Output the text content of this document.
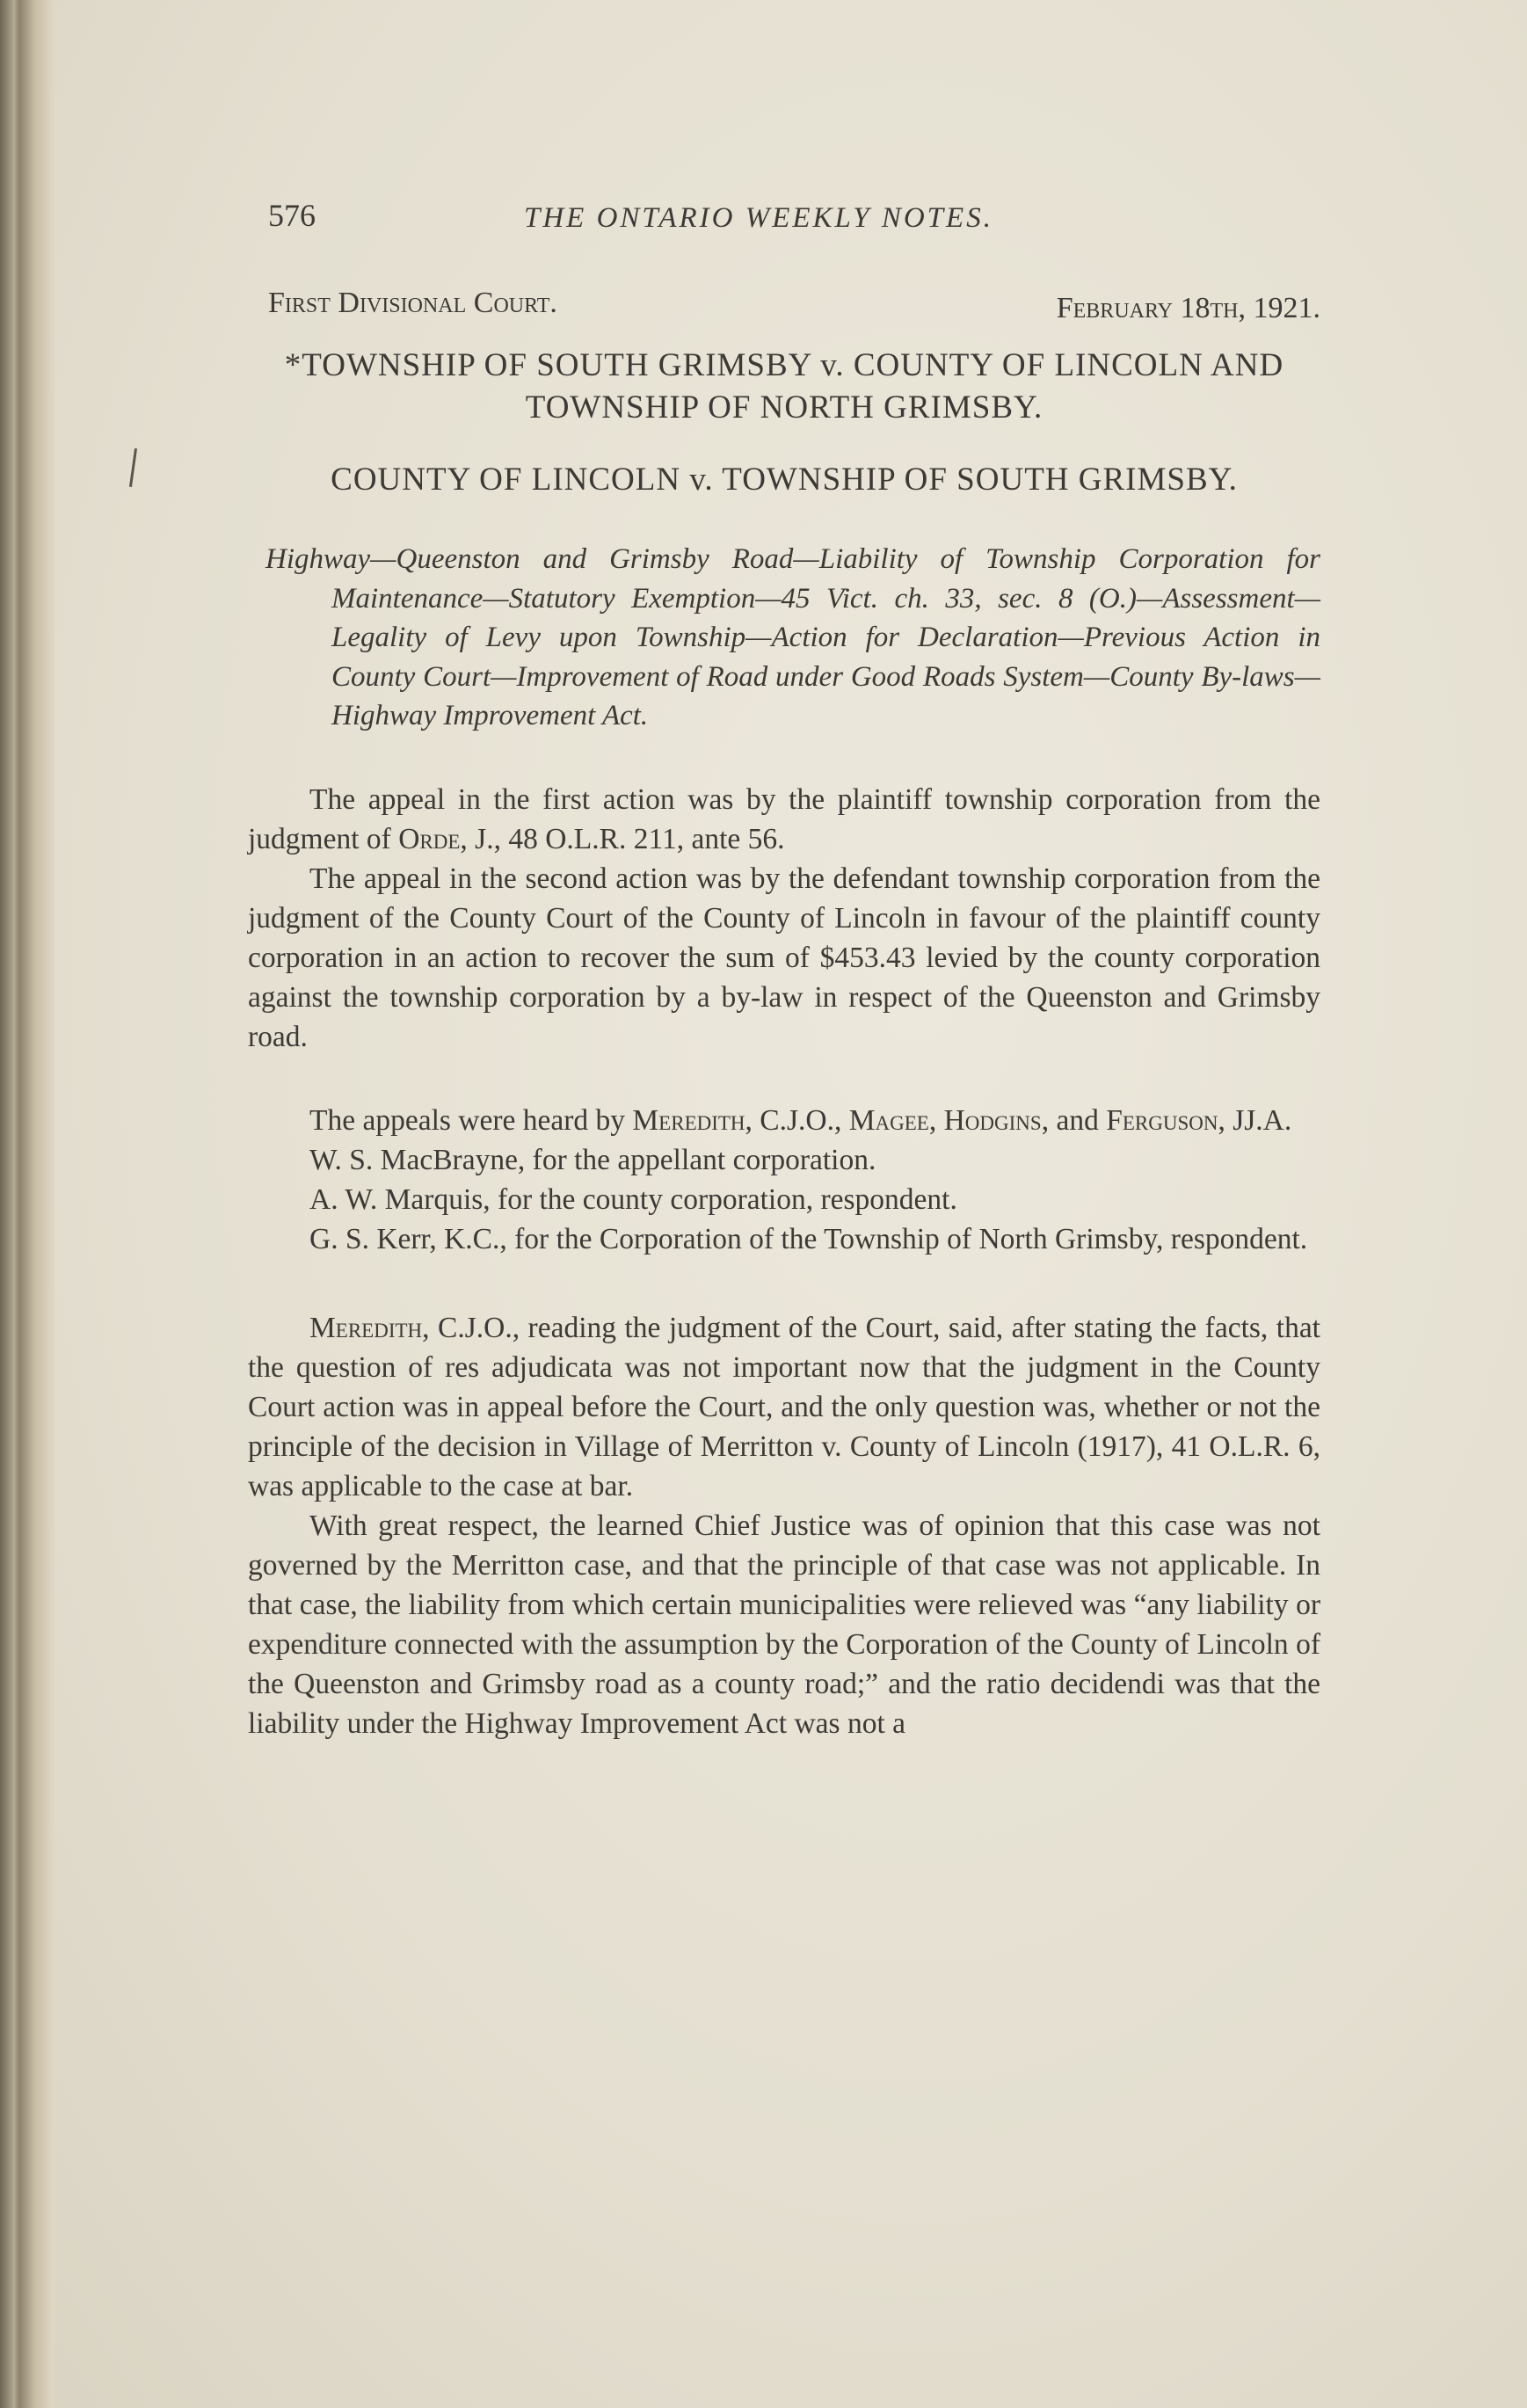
576	THE ONTARIO WEEKLY NOTES.
First Divisional Court.	February 18th, 1921.
*TOWNSHIP OF SOUTH GRIMSBY v. COUNTY OF LINCOLN AND TOWNSHIP OF NORTH GRIMSBY.
COUNTY OF LINCOLN v. TOWNSHIP OF SOUTH GRIMSBY.

Highway—Queenston and Grimsby Road—Liability of Township Corporation for Maintenance—Statutory Exemption—45 Vict. ch. 33, sec. 8 (O.)—Assessment—Legality of Levy upon Township—Action for Declaration—Previous Action in County Court—Improvement of Road under Good Roads System—County By-laws—Highway Improvement Act.

The appeal in the first action was by the plaintiff township corporation from the judgment of Orde, J., 48 O.L.R. 211, ante 56.

The appeal in the second action was by the defendant township corporation from the judgment of the County Court of the County of Lincoln in favour of the plaintiff county corporation in an action to recover the sum of $453.43 levied by the county corporation against the township corporation by a by-law in respect of the Queenston and Grimsby road.

The appeals were heard by Meredith, C.J.O., Magee, Hodgins, and Ferguson, JJ.A.

W. S. MacBrayne, for the appellant corporation.

A. W. Marquis, for the county corporation, respondent.

G. S. Kerr, K.C., for the Corporation of the Township of North Grimsby, respondent.

Meredith, C.J.O., reading the judgment of the Court, said, after stating the facts, that the question of res adjudicata was not important now that the judgment in the County Court action was in appeal before the Court, and the only question was, whether or not the principle of the decision in Village of Merritton v. County of Lincoln (1917), 41 O.L.R. 6, was applicable to the case at bar.

With great respect, the learned Chief Justice was of opinion that this case was not governed by the Merritton case, and that the principle of that case was not applicable. In that case, the liability from which certain municipalities were relieved was “any liability or expenditure connected with the assumption by the Corporation of the County of Lincoln of the Queenston and Grimsby road as a county road;” and the ratio decidendi was that the liability under the Highway Improvement Act was not a
